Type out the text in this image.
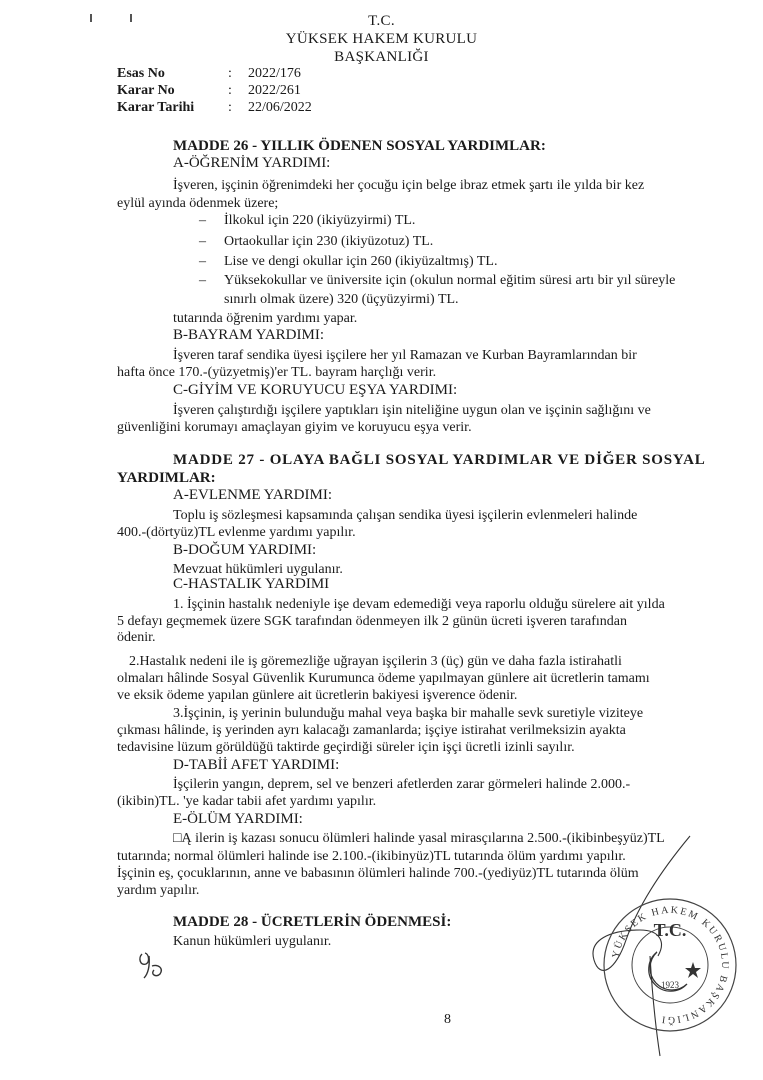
T.C.
YÜKSEK HAKEM KURULU
BAŞKANLIĞI
Esas No	: 2022/176
Karar No	: 2022/261
Karar Tarihi : 22/06/2022
MADDE 26 - YILLIK ÖDENEN SOSYAL YARDIMLAR:
A-ÖĞRENİM YARDIMI:
İşveren, işçinin öğrenimdeki her çocuğu için belge ibraz etmek şartı ile yılda bir kez
eylül ayında ödenmek üzere;
– İlkokul için 220 (ikiyüzyirmi) TL.
– Ortaokullar için 230 (ikiyüzotuz) TL.
– Lise ve dengi okullar için 260 (ikiyüzaltmış) TL.
– Yüksekokullar ve üniversite için (okulun normal eğitim süresi artı bir yıl süreyle
sınırlı olmak üzere) 320 (üçyüzyirmi) TL.
tutarında öğrenim yardımı yapar.
B-BAYRAM YARDIMI:
İşveren taraf sendika üyesi işçilere her yıl Ramazan ve Kurban Bayramlarından bir
hafta önce 170.-(yüzyetmiş)'er TL. bayram harçlığı verir.
C-GİYİM VE KORUYUCU EŞYA YARDIMI:
İşveren çalıştırdığı işçilere yaptıkları işin niteliğine uygun olan ve işçinin sağlığını ve
güvenliğini korumayı amaçlayan giyim ve koruyucu eşya verir.
MADDE 27 - OLAYA BAĞLI SOSYAL YARDIMLAR VE DİĞER SOSYAL
YARDIMLAR:
A-EVLENME YARDIMI:
Toplu iş sözleşmesi kapsamında çalışan sendika üyesi işçilerin evlenmeleri halinde
400.-(dörtyüz)TL evlenme yardımı yapılır.
B-DOĞUM YARDIMI:
Mevzuat hükümleri uygulanır.
C-HASTALIK YARDIMI
1. İşçinin hastalık nedeniyle işe devam edemediği veya raporlu olduğu sürelere ait yılda
5 defayı geçmemek üzere SGK tarafından ödenmeyen ilk 2 günün ücreti işveren tarafından
ödenir.
2.Hastalık nedeni ile iş göremezliğe uğrayan işçilerin 3 (üç) gün ve daha fazla istirahatli
olmaları hâlinde Sosyal Güvenlik Kurumunca ödeme yapılmayan günlere ait ücretlerin tamamı
ve eksik ödeme yapılan günlere ait ücretlerin bakiyesi işverence ödenir.
3.İşçinin, iş yerinin bulunduğu mahal veya başka bir mahalle sevk suretiyle viziteye
çıkması hâlinde, iş yerinden ayrı kalacağı zamanlarda; işçiye istirahat verilmeksizin ayakta
tedavisine lüzum görüldüğü taktirde geçirdiği süreler için işçi ücretli izinli sayılır.
D-TABİİ AFET YARDIMI:
İşçilerin yangın, deprem, sel ve benzeri afetlerden zarar görmeleri halinde 2.000.-
(ikibin)TL. 'ye kadar tabii afet yardımı yapılır.
E-ÖLÜM YARDIMI:
□Ą ilerin iş kazası sonucu ölümleri halinde yasal mirasçılarına 2.500.-(ikibinbeşyüz)TL
tutarında; normal ölümleri halinde ise 2.100.-(ikibinyüz)TL tutarında ölüm yardımı yapılır.
İşçinin eş, çocuklarının, anne ve babasının ölümleri halinde 700.-(yediyüz)TL tutarında ölüm
yardım yapılır.
MADDE 28 - ÜCRETLERİN ÖDENMESİ:
Kanun hükümleri uygulanır.
YÜKSEK HAKEM KURULU BAŞKANLIĞI
T.C.
1923
8
